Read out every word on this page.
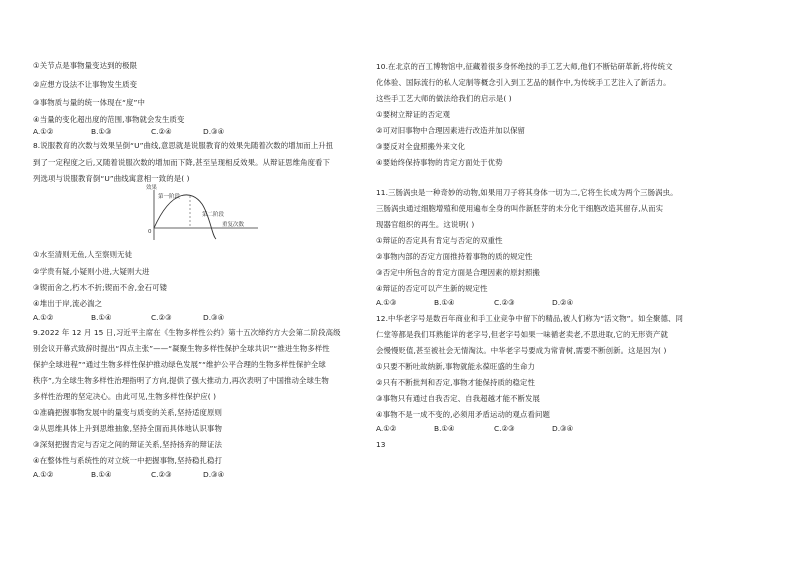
①关节点是事物量变达到的极限
②应想方设法不让事物发生质变
③事物质与量的统一体现在“度”中
④当量的变化超出度的范围,事物就会发生质变
A.①②	B.①③	C.②④	D.③④
8.说服教育的次数与效果呈倒“U”曲线,意思就是说服教育的效果先随着次数的增加而上升扭
到了一定程度之后,又随着说服次数的增加而下降,甚至呈现相反效果。从辩证思维角度看下
列选项与说服教育倒“U”曲线寓意相一致的是( )
效果
0
第一阶段
第二阶段
重复次数
①水至清则无鱼,人至察则无徒
②学贵有疑,小疑则小进,大疑则大进
③锲而舍之,朽木不折;锲而不舍,金石可镂
④堆出于岸,流必湍之
A.①②	B.①④	C.②③	D.③④
9.2022 年 12 月 15 日,习近平主席在《生物多样性公约》第十五次缔约方大会第二阶段高级
别会议开幕式致辞时提出“四点主张”——“凝聚生物多样性保护全球共识”“推进生物多样性
保护全球进程”“通过生物多样性保护推动绿色发展”“维护公平合理的生物多样性保护全球
秩序”,为全球生物多样性治理指明了方向,提供了强大推动力,再次表明了中国推动全球生物
多样性治理的坚定决心。由此可见,生物多样性保护应( )
①准确把握事物发展中的量变与质变的关系,坚持适度原则
②从思维具体上升到思维抽象,坚持全面而具体地认识事物
③深刻把握肯定与否定之间的辩证关系,坚持扬弃的辩证法
④在整体性与系统性的对立统一中把握事物,坚持稳扎稳打
A.①②	B.①④	C.②③	D.③④
10.在北京的百工博物馆中,征藏着很多身怀绝技的手工艺大师,他们不断钻研革新,将传统文
化体验、国际流行的私人定制等概念引入到工艺品的制作中,为传统手工艺注入了新活力。
这些手工艺大师的做法给我们的启示是( )
①要树立辩证的否定观
②可对旧事物中合理因素进行改造并加以保留
③要反对全盘照搬外来文化
④要始终保持事物的肯定方面处于优势
11.三肠涡虫是一种奇妙的动物,如果用刀子将其身体一切为二,它将生长成为两个三肠涡虫。
三肠涡虫通过细胞增殖和使用遍布全身的叫作新胚芽的未分化干细胞改造其留存,从而实
现器官组织的再生。这说明( )
①辩证的否定具有肯定与否定的双重性
②事物内部的否定方面推持着事物的质的规定性
③否定中所包含的肯定方面是合理因素的原封照搬
④辩证的否定可以产生新的规定性
A.①③	B.①④	C.②③	D.②④
12.中华老字号是数百年商业和手工业竞争中留下的精品,被人们称为“活文物”。如全聚德、同
仁堂等都是我们耳熟能详的老字号,但老字号如果一味循老卖老,不思进取,它的无形资产就
会慢慢贬值,甚至被社会无情淘汰。中华老字号要成为常青树,需要不断创新。这是因为( )
①只要不断吐故纳新,事物就能永葆旺盛的生命力
②只有不断批判和否定,事物才能保持质的稳定性
③事物只有通过自我否定、自我超越才能不断发展
④事物不是一成不变的,必须用矛盾运动的观点看问题
A.①②	B.①④	C.②③	D.③④
13
